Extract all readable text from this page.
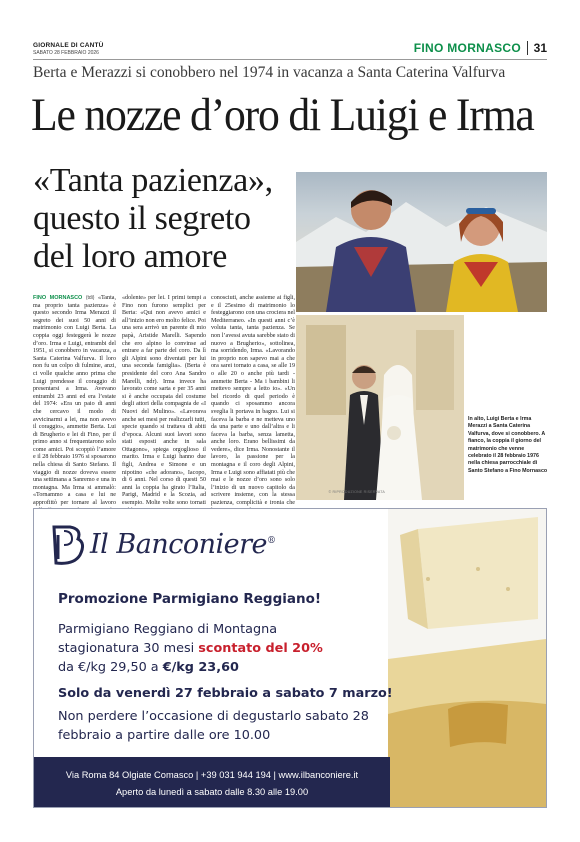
GIORNALE DI CANTÙ
SABATO 28 FEBBRAIO 2026	FINO MORNASCO 31
Berta e Merazzi si conobbero nel 1974 in vacanza a Santa Caterina Valfurva
Le nozze d’oro di Luigi e Irma
«Tanta pazienza», questo il segreto del loro amore
In alto, Luigi Berta e Irma Merazzi a Santa Caterina Valfurva, dove si conobbero. A fianco, la coppia il giorno del matrimonio che venne celebrato il 28 febbraio 1976 nella chiesa parrocchiale di Santo Stefano a Fino Mornasco
FINO MORNASCO (tdi) «Tanta, ma proprio tanta pazienza» è questo secondo Irma Merazzi il segreto dei suoi 50 anni di matrimonio con Luigi Berta. La coppia oggi festeggerà le nozze d’oro. Irma e Luigi, entrambi del 1951, si conobbero in vacanza, a Santa Caterina Valfurva. Il loro non fu un colpo di fulmine, anzi, ci volle qualche anno prima che Luigi prendesse il coraggio di presentarsi a Irma. Avevano entrambi 23 anni ed era l’estate del 1974: «Era un paio di anni che cercavo il modo di avvicinarmi a lei, ma non avevo il coraggio», ammette Berta. Lui di Brugherio e lei di Fino, per il primo anno si frequentarono solo come amici. Poi scoppiò l’amore e il 28 febbraio 1976 si sposarono nella chiesa di Santo Stefano. Il viaggio di nozze doveva essere una settimana a Sanremo e una in montagna. Ma Irma si ammalò: «Tornammo a casa e lui ne approfittò per tornare al lavoro
«dolente» per lei. I primi tempi a Fino non furono semplici per Berta: «Qui non avevo amici e all’inizio non ero molto felice. Poi una sera arrivò un parente di mio papà, Aristide Marelli. Sapendo che ero alpino lo convinse ad entrare a far parte del coro. Da lì gli Alpini sono diventati per lui una seconda famiglia». (Berta è presidente del coro Ana Sandro Marelli, ndr). Irma invece ha lavorato come sarta e per 35 anni si è anche occupata del costume degli attori della compagnia de «I Nuovi del Mulino». «Lavorava anche sei mesi per realizzarli tutti, specie quando si trattava di abiti d’epoca. Alcuni suoi lavori sono stati esposti anche in sala Ottagono», spiega orgoglioso il marito. Irma e Luigi hanno due figli, Andrea e Simone e un nipotino «che adorano», Iacopo, di 6 anni. Nel corso di questi 50 anni la coppia ha girato l’Italia, Parigi, Madrid e la Scozia, ad esempio. Molte volte sono tornati
conosciuti, anche assieme ai figli, e il 25esimo di matrimonio lo festeggiarono con una crociera nel Mediterraneo. «In questi anni c’è voluta tanta, tanta pazienza. Se non l’avessi avuta sarebbe stato di nuovo a Brugherio», sottolinea, ma sorridendo, Irma. «Lavorando in proprio non sapevo mai a che ora sarei tornato a casa, se alle 19 o alle 20 o anche più tardi - ammette Berta - Ma i bambini li mettevo sempre a letto io». «Un bel ricordo di quel periodo è quando ci sposammo ancora sveglia li portava in bagno. Lui si faceva la barba e ne metteva uno da una parte e uno dall’altra e li faceva la barba, senza lametta, anche loro. Erano bellissimi da vedere», dice Irma. Nonostante il lavoro, la passione per la montagna e il coro degli Alpini, Irma e Luigi sono affiatati più che mai e le nozze d’oro sono solo l’inizio di un nuovo capitolo da scrivere insieme, con la stessa pazienza, complicità e ironia che
© RIPRODUZIONE RISERVATA
Il Banconiere®
Promozione Parmigiano Reggiano!
Parmigiano Reggiano di Montagna
stagionatura 30 mesi scontato del 20%
da €/kg 29,50 a €/kg 23,60
Solo da venerdì 27 febbraio a sabato 7 marzo!
Non perdere l’occasione di degustarlo sabato 28 febbraio a partire dalle ore 10.00
Via Roma 84 Olgiate Comasco | +39 031 944 194 | www.ilbanconiere.it
Aperto da lunedì a sabato dalle 8.30 alle 19.00
